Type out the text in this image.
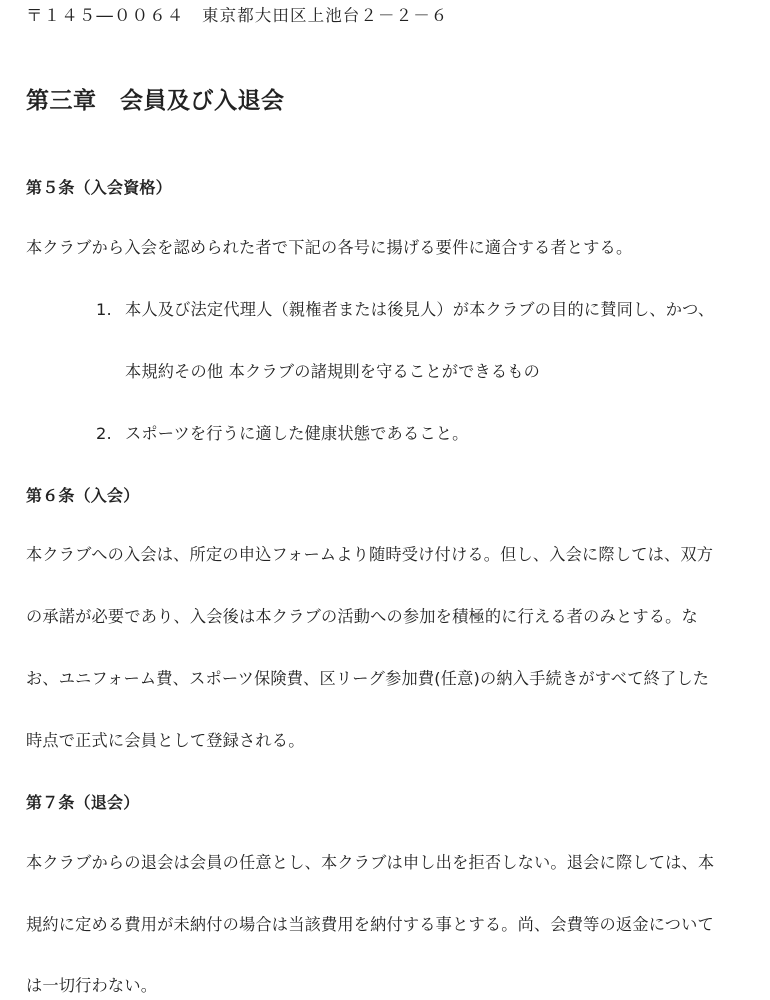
〒１４５―００６４　東京都大田区上池台２－２－６
第三章　会員及び入退会
第５条（入会資格）
本クラブから入会を認められた者で下記の各号に揚げる要件に適合する者とする。
1. 本人及び法定代理人（親権者または後見人）が本クラブの目的に賛同し、かつ、
本規約その他 本クラブの諸規則を守ることができるもの
2. スポーツを行うに適した健康状態であること。
第６条（入会）
本クラブへの入会は、所定の申込フォームより随時受け付ける。但し、入会に際しては、双方
の承諾が必要であり、入会後は本クラブの活動への参加を積極的に行える者のみとする。な
お、ユニフォーム費、スポーツ保険費、区リーグ参加費(任意)の納入手続きがすべて終了した
時点で正式に会員として登録される。
第７条（退会）
本クラブからの退会は会員の任意とし、本クラブは申し出を拒否しない。退会に際しては、本
規約に定める費用が未納付の場合は当該費用を納付する事とする。尚、会費等の返金について
は一切行わない。
